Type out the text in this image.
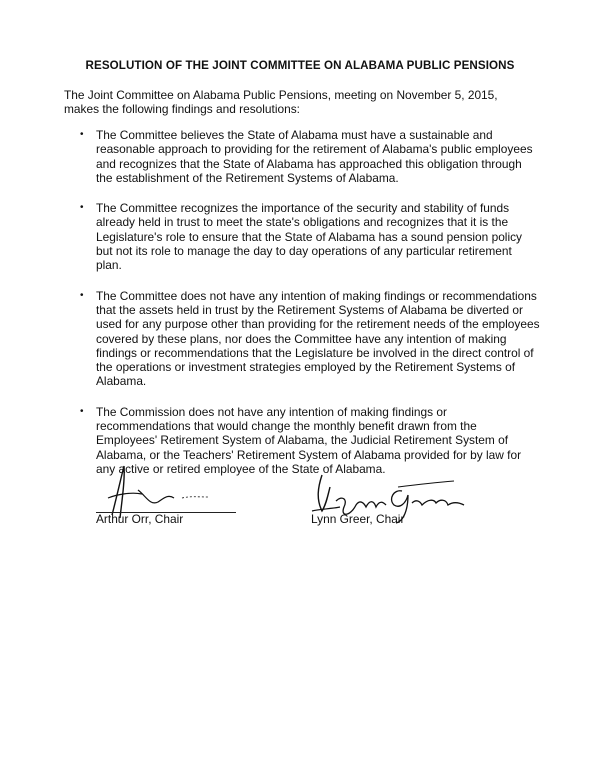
RESOLUTION OF THE JOINT COMMITTEE ON ALABAMA PUBLIC PENSIONS
The Joint Committee on Alabama Public Pensions, meeting on November 5, 2015, makes the following findings and resolutions:
•	The Committee believes the State of Alabama must have a sustainable and reasonable approach to providing for the retirement of Alabama's public employees and recognizes that the State of Alabama has approached this obligation through the establishment of the Retirement Systems of Alabama.
•	The Committee recognizes the importance of the security and stability of funds already held in trust to meet the state's obligations and recognizes that it is the Legislature's role to ensure that the State of Alabama has a sound pension policy but not its role to manage the day to day operations of any particular retirement plan.
•	The Committee does not have any intention of making findings or recommendations that the assets held in trust by the Retirement Systems of Alabama be diverted or used for any purpose other than providing for the retirement needs of the employees covered by these plans, nor does the Committee have any intention of making findings or recommendations that the Legislature be involved in the direct control of the operations or investment strategies employed by the Retirement Systems of Alabama.
•	The Commission does not have any intention of making findings or recommendations that would change the monthly benefit drawn from the Employees' Retirement System of Alabama, the Judicial Retirement System of Alabama, or the Teachers' Retirement System of Alabama provided for by law for any active or retired employee of the State of Alabama.
Arthur Orr, Chair	Lynn Greer, Chair
